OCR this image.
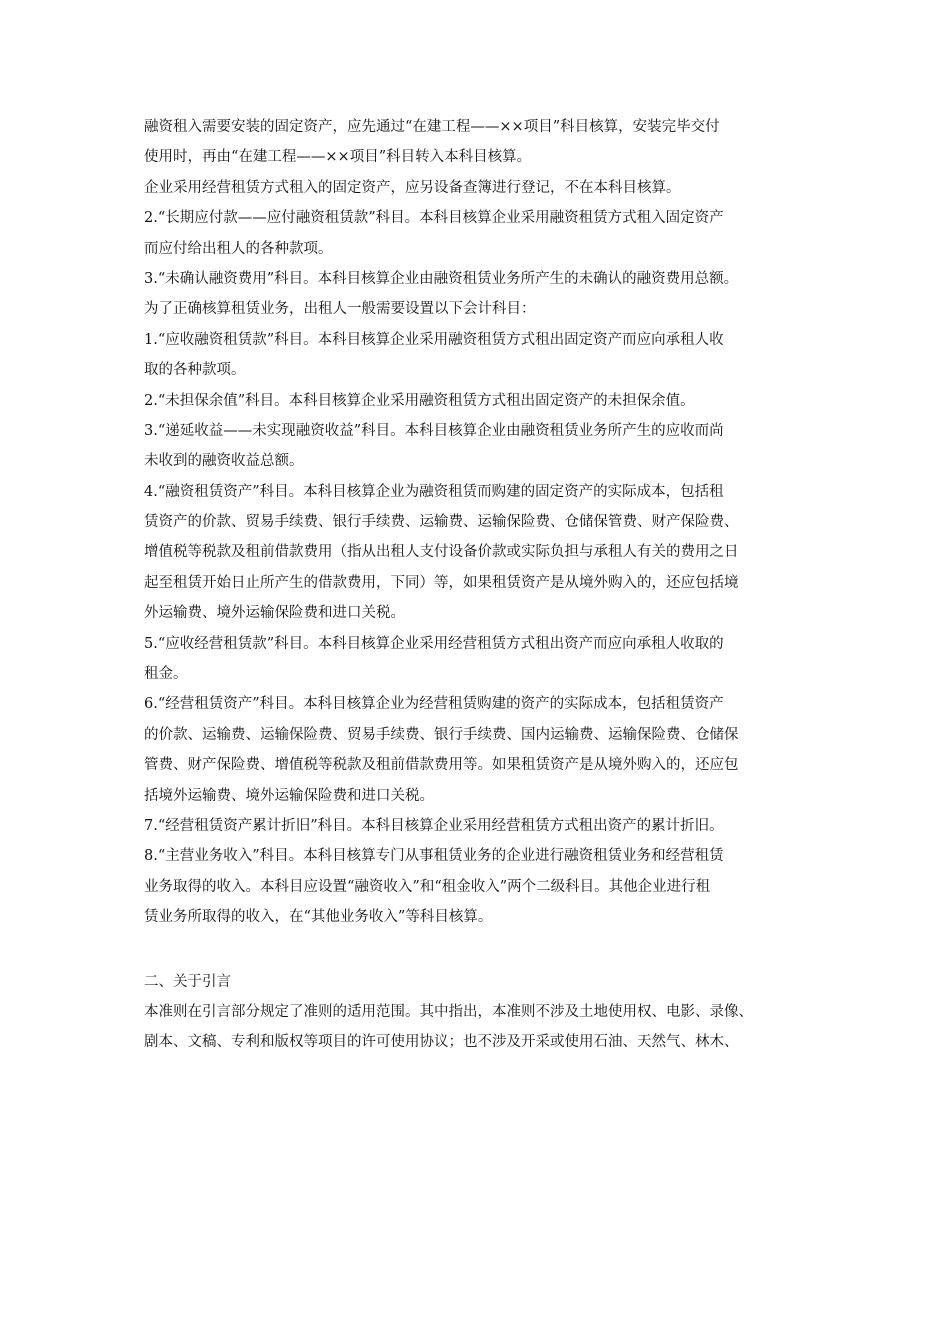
融资租入需要安装的固定资产，应先通过“在建工程——××项目”科目核算，安装完毕交付
使用时，再由“在建工程——××项目”科目转入本科目核算。
企业采用经营租赁方式租入的固定资产，应另设备查簿进行登记，不在本科目核算。
2.“长期应付款——应付融资租赁款”科目。本科目核算企业采用融资租赁方式租入固定资产
而应付给出租人的各种款项。
3.“未确认融资费用”科目。本科目核算企业由融资租赁业务所产生的未确认的融资费用总额。
为了正确核算租赁业务，出租人一般需要设置以下会计科目：
1.“应收融资租赁款”科目。本科目核算企业采用融资租赁方式租出固定资产而应向承租人收
取的各种款项。
2.“未担保余值”科目。本科目核算企业采用融资租赁方式租出固定资产的未担保余值。
3.“递延收益——未实现融资收益”科目。本科目核算企业由融资租赁业务所产生的应收而尚
未收到的融资收益总额。
4.“融资租赁资产”科目。本科目核算企业为融资租赁而购建的固定资产的实际成本，包括租
赁资产的价款、贸易手续费、银行手续费、运输费、运输保险费、仓储保管费、财产保险费、
增值税等税款及租前借款费用（指从出租人支付设备价款或实际负担与承租人有关的费用之日
起至租赁开始日止所产生的借款费用，下同）等，如果租赁资产是从境外购入的，还应包括境
外运输费、境外运输保险费和进口关税。
5.“应收经营租赁款”科目。本科目核算企业采用经营租赁方式租出资产而应向承租人收取的
租金。
6.“经营租赁资产”科目。本科目核算企业为经营租赁购建的资产的实际成本，包括租赁资产
的价款、运输费、运输保险费、贸易手续费、银行手续费、国内运输费、运输保险费、仓储保
管费、财产保险费、增值税等税款及租前借款费用等。如果租赁资产是从境外购入的，还应包
括境外运输费、境外运输保险费和进口关税。
7.“经营租赁资产累计折旧”科目。本科目核算企业采用经营租赁方式租出资产的累计折旧。
8.“主营业务收入”科目。本科目核算专门从事租赁业务的企业进行融资租赁业务和经营租赁
业务取得的收入。本科目应设置“融资收入”和“租金收入”两个二级科目。其他企业进行租
赁业务所取得的收入，在“其他业务收入”等科目核算。
二、关于引言
本准则在引言部分规定了准则的适用范围。其中指出，本准则不涉及土地使用权、电影、录像、
剧本、文稿、专利和版权等项目的许可使用协议；也不涉及开采或使用石油、天然气、林木、
